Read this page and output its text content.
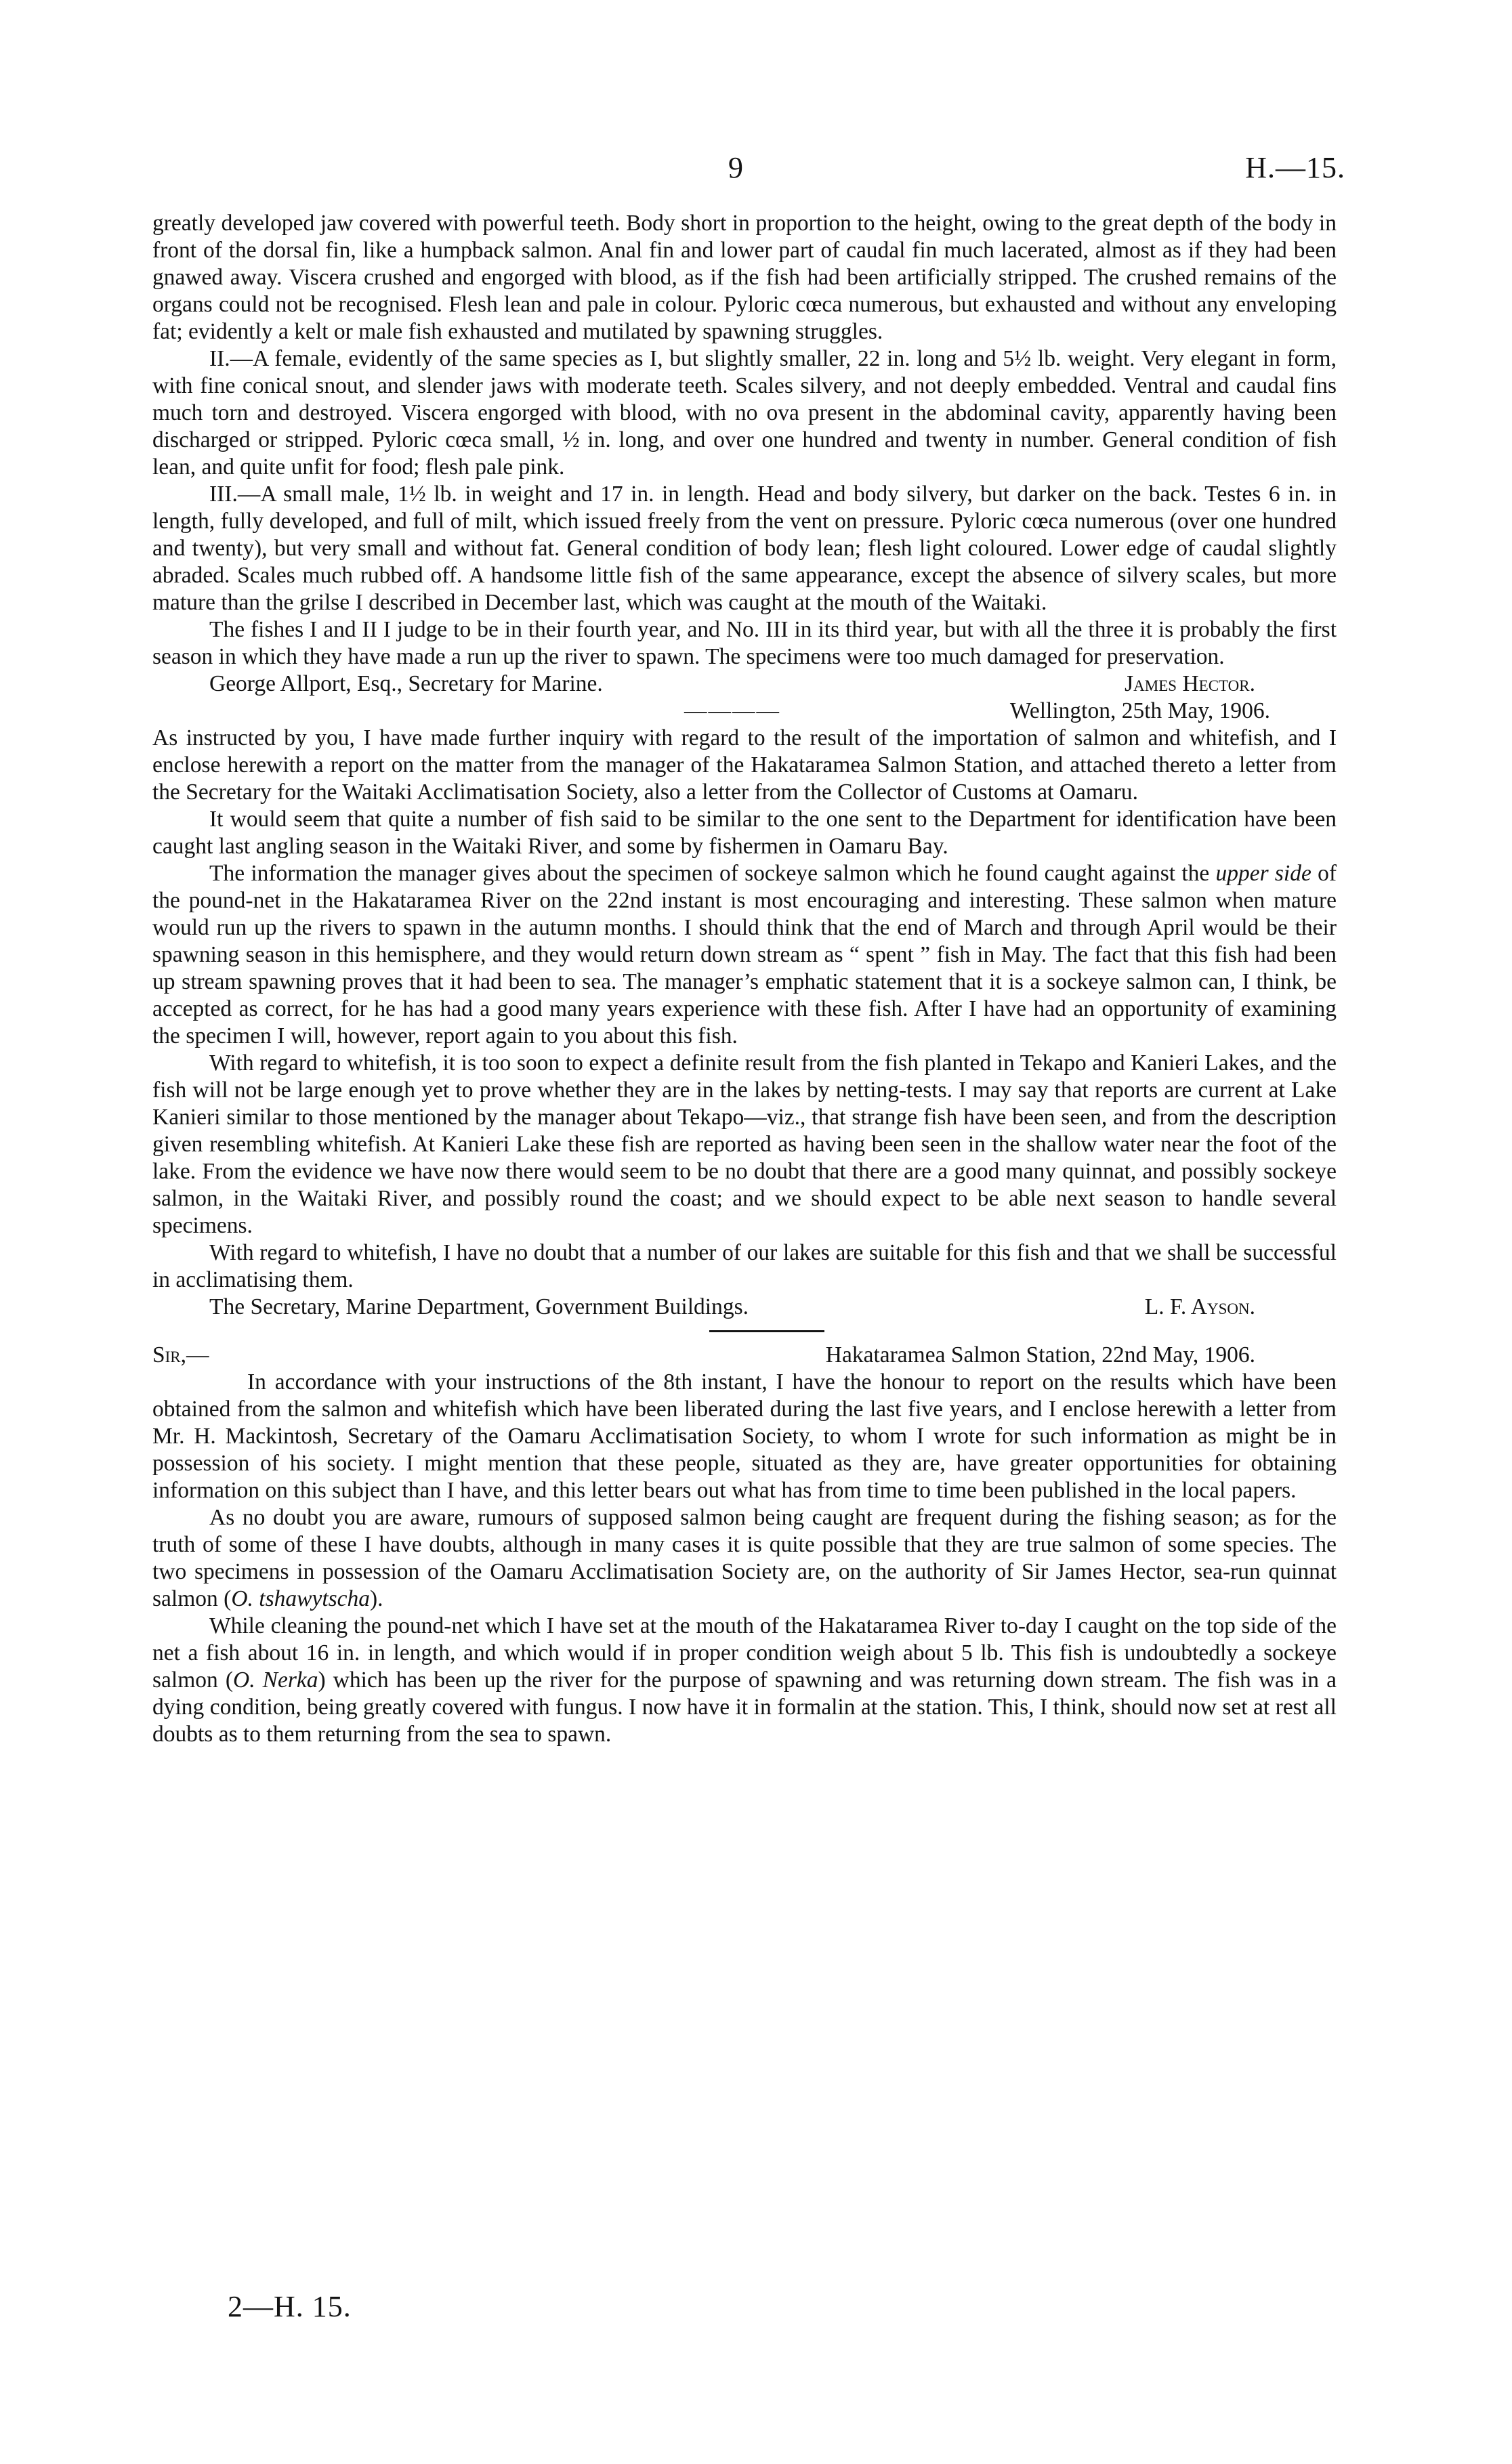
9	H.—15.

greatly developed jaw covered with powerful teeth. Body short in proportion to the height, owing to the great depth of the body in front of the dorsal fin, like a humpback salmon. Anal fin and lower part of caudal fin much lacerated, almost as if they had been gnawed away. Viscera crushed and engorged with blood, as if the fish had been artificially stripped. The crushed remains of the organs could not be recognised. Flesh lean and pale in colour. Pyloric cœca numerous, but exhausted and without any enveloping fat; evidently a kelt or male fish exhausted and mutilated by spawning struggles.

II.—A female, evidently of the same species as I, but slightly smaller, 22 in. long and 5½ lb. weight. Very elegant in form, with fine conical snout, and slender jaws with moderate teeth. Scales silvery, and not deeply embedded. Ventral and caudal fins much torn and destroyed. Viscera engorged with blood, with no ova present in the abdominal cavity, apparently having been discharged or stripped. Pyloric cœca small, ½ in. long, and over one hundred and twenty in number. General condition of fish lean, and quite unfit for food; flesh pale pink.

III.—A small male, 1½ lb. in weight and 17 in. in length. Head and body silvery, but darker on the back. Testes 6 in. in length, fully developed, and full of milt, which issued freely from the vent on pressure. Pyloric cœca numerous (over one hundred and twenty), but very small and without fat. General condition of body lean; flesh light coloured. Lower edge of caudal slightly abraded. Scales much rubbed off. A handsome little fish of the same appearance, except the absence of silvery scales, but more mature than the grilse I described in December last, which was caught at the mouth of the Waitaki.

The fishes I and II I judge to be in their fourth year, and No. III in its third year, but with all the three it is probably the first season in which they have made a run up the river to spawn. The specimens were too much damaged for preservation.

George Allport, Esq., Secretary for Marine.	James Hector.
————	Wellington, 25th May, 1906.

As instructed by you, I have made further inquiry with regard to the result of the importation of salmon and whitefish, and I enclose herewith a report on the matter from the manager of the Hakataramea Salmon Station, and attached thereto a letter from the Secretary for the Waitaki Acclimatisation Society, also a letter from the Collector of Customs at Oamaru.

It would seem that quite a number of fish said to be similar to the one sent to the Department for identification have been caught last angling season in the Waitaki River, and some by fishermen in Oamaru Bay.

The information the manager gives about the specimen of sockeye salmon which he found caught against the upper side of the pound-net in the Hakataramea River on the 22nd instant is most encouraging and interesting. These salmon when mature would run up the rivers to spawn in the autumn months. I should think that the end of March and through April would be their spawning season in this hemisphere, and they would return down stream as “ spent ” fish in May. The fact that this fish had been up stream spawning proves that it had been to sea. The manager’s emphatic statement that it is a sockeye salmon can, I think, be accepted as correct, for he has had a good many years experience with these fish. After I have had an opportunity of examining the specimen I will, however, report again to you about this fish.

With regard to whitefish, it is too soon to expect a definite result from the fish planted in Tekapo and Kanieri Lakes, and the fish will not be large enough yet to prove whether they are in the lakes by netting-tests. I may say that reports are current at Lake Kanieri similar to those mentioned by the manager about Tekapo—viz., that strange fish have been seen, and from the description given resembling whitefish. At Kanieri Lake these fish are reported as having been seen in the shallow water near the foot of the lake. From the evidence we have now there would seem to be no doubt that there are a good many quinnat, and possibly sockeye salmon, in the Waitaki River, and possibly round the coast; and we should expect to be able next season to handle several specimens.

With regard to whitefish, I have no doubt that a number of our lakes are suitable for this fish and that we shall be successful in acclimatising them.

The Secretary, Marine Department, Government Buildings.	L. F. Ayson.
Sir,—	Hakataramea Salmon Station, 22nd May, 1906.

In accordance with your instructions of the 8th instant, I have the honour to report on the results which have been obtained from the salmon and whitefish which have been liberated during the last five years, and I enclose herewith a letter from Mr. H. Mackintosh, Secretary of the Oamaru Acclimatisation Society, to whom I wrote for such information as might be in possession of his society. I might mention that these people, situated as they are, have greater opportunities for obtaining information on this subject than I have, and this letter bears out what has from time to time been published in the local papers.

As no doubt you are aware, rumours of supposed salmon being caught are frequent during the fishing season; as for the truth of some of these I have doubts, although in many cases it is quite possible that they are true salmon of some species. The two specimens in possession of the Oamaru Acclimatisation Society are, on the authority of Sir James Hector, sea-run quinnat salmon (O. tshawytscha).

While cleaning the pound-net which I have set at the mouth of the Hakataramea River to-day I caught on the top side of the net a fish about 16 in. in length, and which would if in proper condition weigh about 5 lb. This fish is undoubtedly a sockeye salmon (O. Nerka) which has been up the river for the purpose of spawning and was returning down stream. The fish was in a dying condition, being greatly covered with fungus. I now have it in formalin at the station. This, I think, should now set at rest all doubts as to them returning from the sea to spawn.

2—H. 15.
